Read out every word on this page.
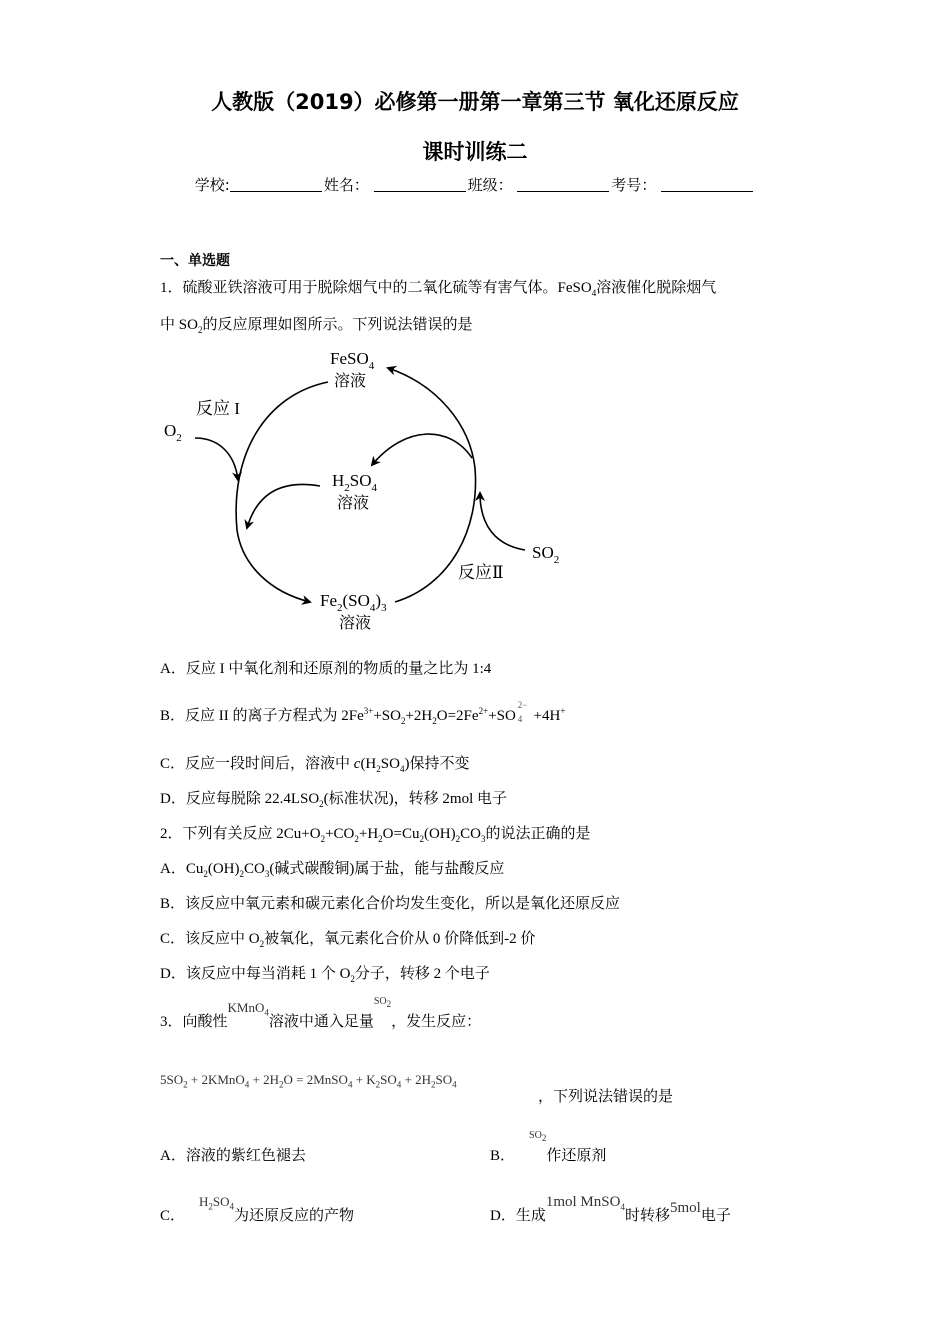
人教版（2019）必修第一册第一章第三节 氧化还原反应
课时训练二
学校:	姓名：	班级：	考号：
一、单选题
1．硫酸亚铁溶液可用于脱除烟气中的二氧化硫等有害气体。FeSO$_4$溶液催化脱除烟气
中 $SO_2$的反应原理如图所示。下列说法错误的是
FeSO$_4$
溶液
$H_2SO_4$
溶液
$Fe_2(SO_4)_3$
溶液
$O_2$
$SO_2$
反应 I
反应Ⅱ
A．反应 I 中氧化剂和还原剂的物质的量之比为 1:4
B．反应 II 的离子方程式为 $2Fe^{3+}+SO_2+2H_2O=2Fe^{2+}+SO$
2−
4 +4H+
C．反应一段时间后，溶液中 $c(H_2SO_4)$保持不变
D．反应每脱除 $22.4LSO_2$(标准状况)，转移 2mol 电子
2．下列有关反应 $2Cu+O_2+CO_2+H_2O=Cu_2(OH)_2CO_3$的说法正确的是
A．$Cu_2(OH)_2CO_3$(碱式碳酸铜)属于盐，能与盐酸反应
B．该反应中氧元素和碳元素化合价均发生变化，所以是氧化还原反应
C．该反应中 $O_2$被氧化，氧元素化合价从 0 价降低到-2 价
D．该反应中每当消耗 1 个 $O_2$分子，转移 2 个电子
3．向酸性KMnO$_4$溶液中通入足量$^{SO_2}$，发生反应：
$5SO_2$ + 2KMnO$_4$ + $2H_2O$ = 2MnSO$_4$ + $K_2SO_4 + 2H_2SO_4$
，下列说法错误的是
A．溶液的紫红色褪去	B．$^{SO_2}$作还原剂
C．$H_2SO_4$为还原反应的产物	D．生成1mol MnSO$_4$时转移5mol电子
